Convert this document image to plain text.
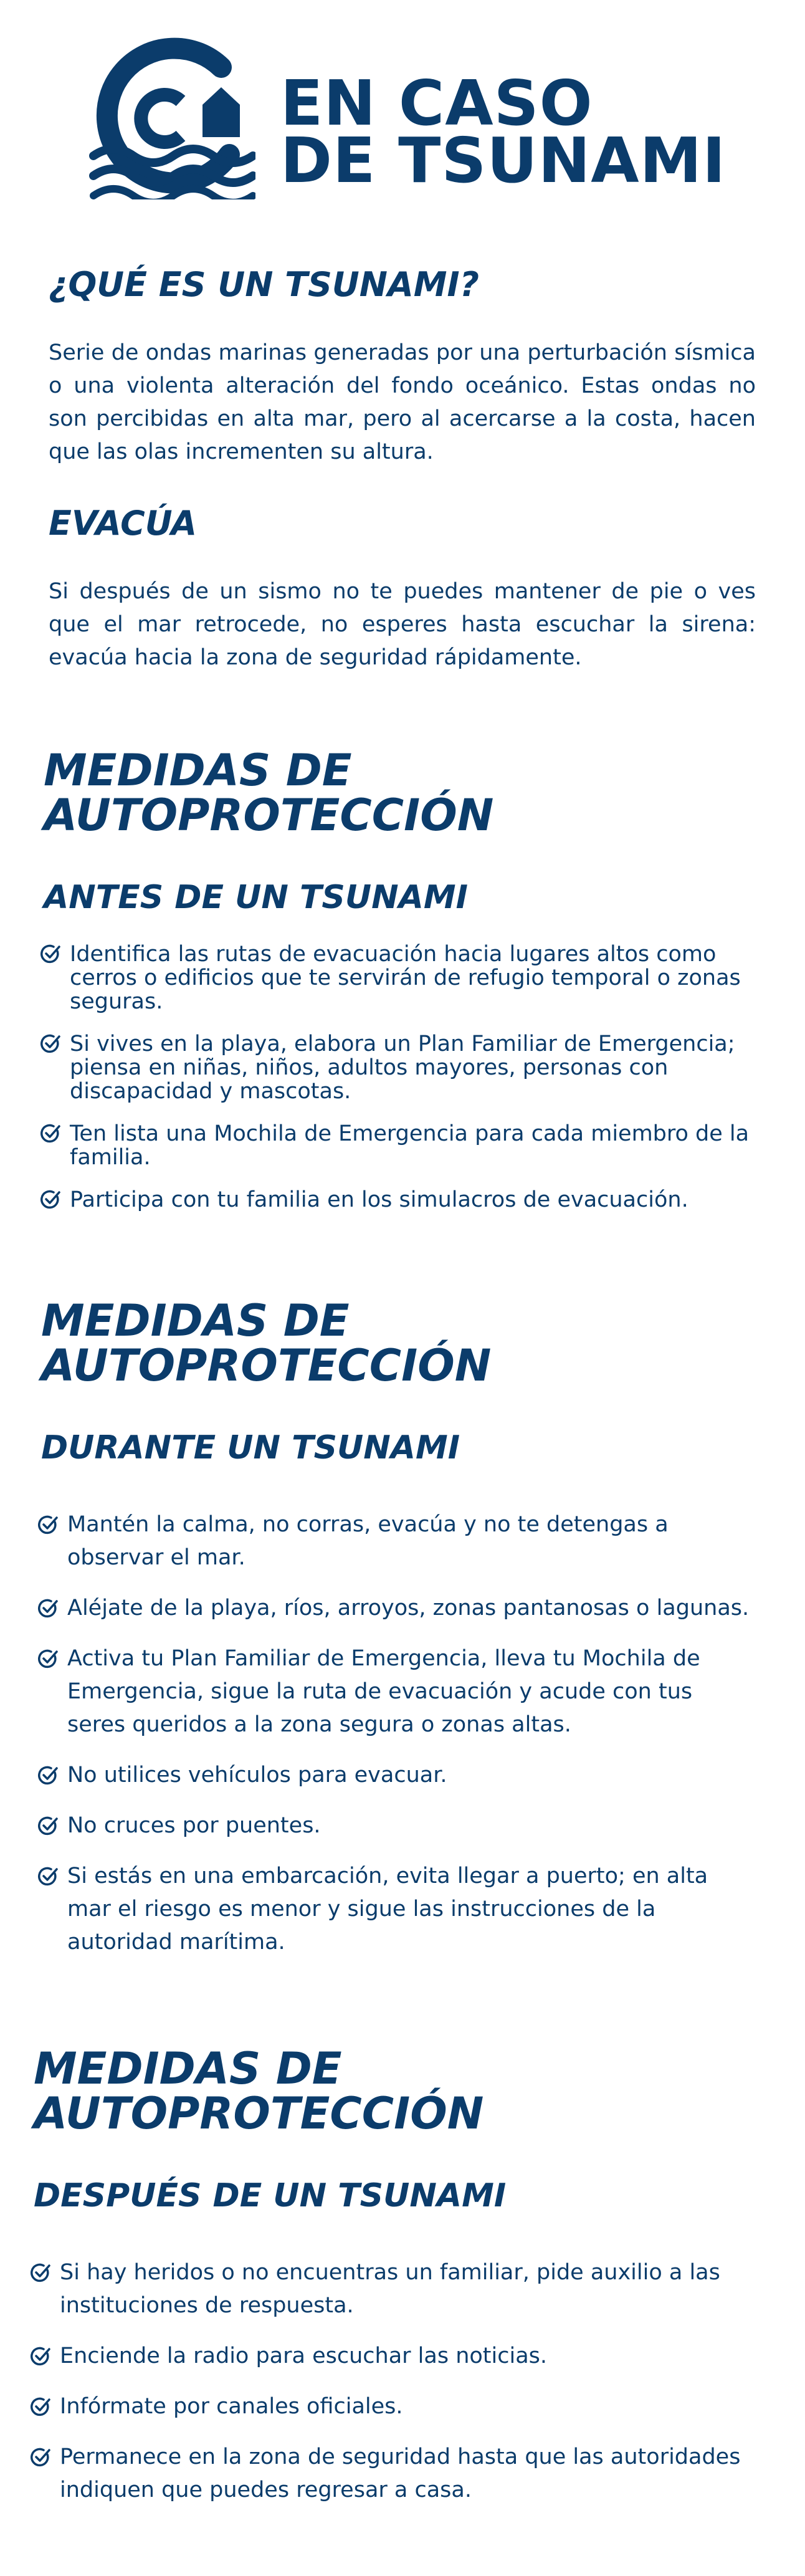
EN CASO
DE TSUNAMI
¿QUÉ ES UN TSUNAMI?

Serie de ondas marinas generadas por una perturbación sísmica o una violenta alteración del fondo oceánico. Estas ondas no son percibidas en alta mar, pero al acercarse a la costa, hacen que las olas incrementen su altura.

EVACÚA

Si después de un sismo no te puedes mantener de pie o ves que el mar retrocede, no esperes hasta escuchar la sirena: evacúa hacia la zona de seguridad rápidamente.

MEDIDAS DE
AUTOPROTECCIÓN
ANTES DE UN TSUNAMI
Identifica las rutas de evacuación hacia lugares altos como cerros o edificios que te servirán de refugio temporal o zonas seguras.
Si vives en la playa, elabora un Plan Familiar de Emergencia; piensa en niñas, niños, adultos mayores, personas con discapacidad y mascotas.
Ten lista una Mochila de Emergencia para cada miembro de la familia.
Participa con tu familia en los simulacros de evacuación.
MEDIDAS DE
AUTOPROTECCIÓN
DURANTE UN TSUNAMI
Mantén la calma, no corras, evacúa y no te detengas a observar el mar.
Aléjate de la playa, ríos, arroyos, zonas pantanosas o lagunas.
Activa tu Plan Familiar de Emergencia, lleva tu Mochila de Emergencia, sigue la ruta de evacuación y acude con tus seres queridos a la zona segura o zonas altas.
No utilices vehículos para evacuar.
No cruces por puentes.
Si estás en una embarcación, evita llegar a puerto; en alta mar el riesgo es menor y sigue las instrucciones de la autoridad marítima.
MEDIDAS DE
AUTOPROTECCIÓN
DESPUÉS DE UN TSUNAMI
Si hay heridos o no encuentras un familiar, pide auxilio a las instituciones de respuesta.
Enciende la radio para escuchar las noticias.
Infórmate por canales oficiales.
Permanece en la zona de seguridad hasta que las autoridades indiquen que puedes regresar a casa.
